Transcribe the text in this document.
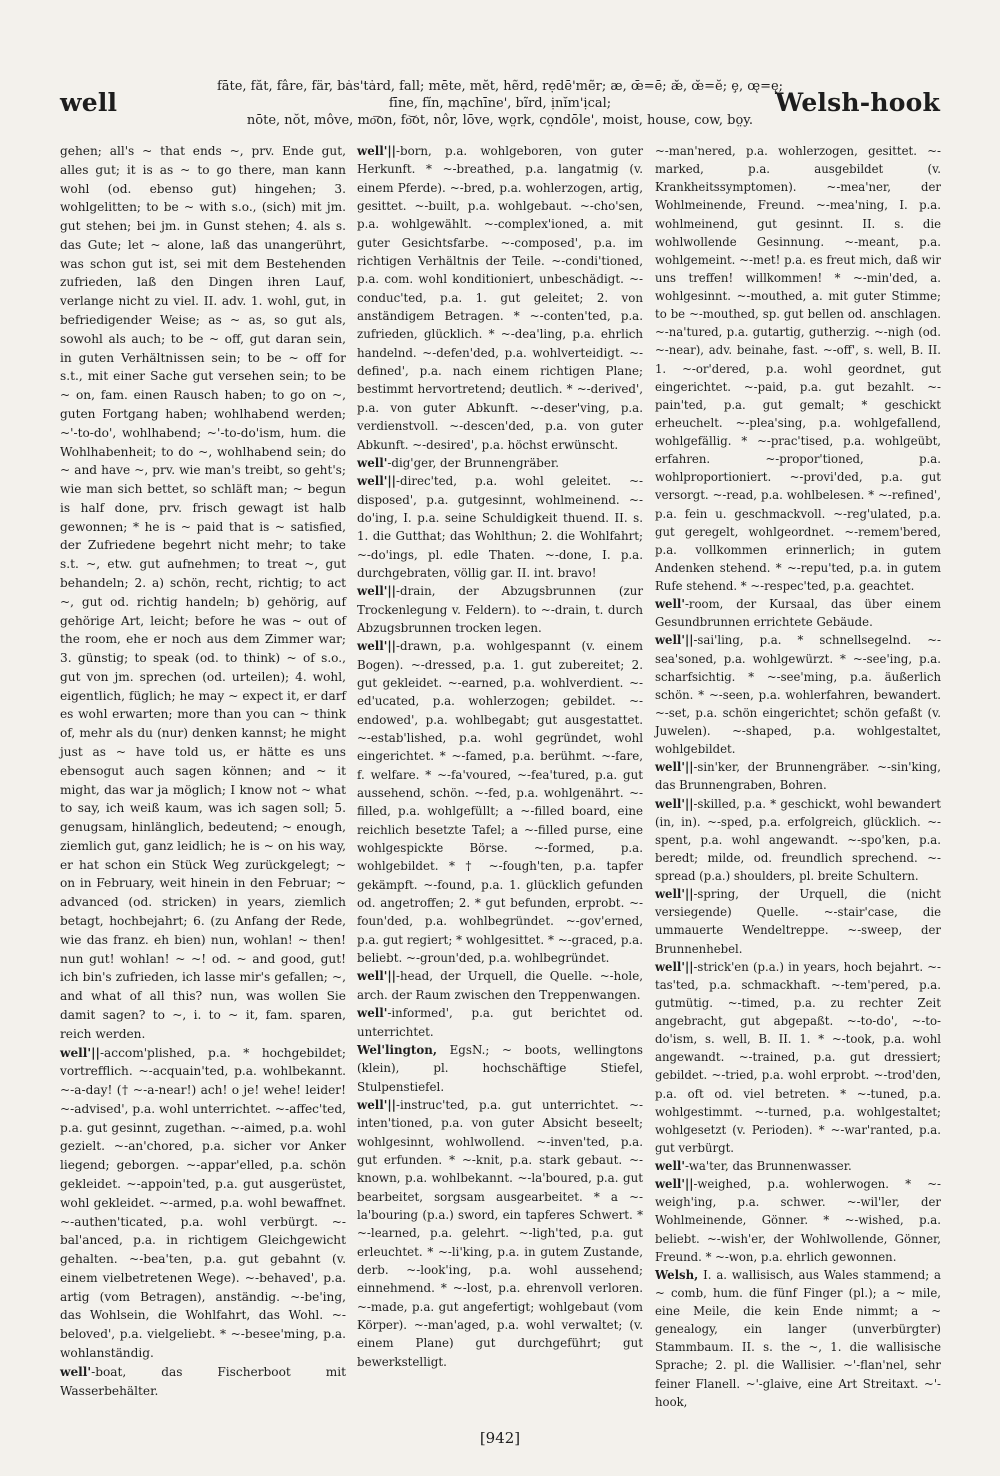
well
fāte, făt, fâre, fär, bȧs'tȧrd, fall; mēte, mĕt, hẽrd, rẹdē'mẽr; æ, œ̄=ē; æ̆, œ̆=ĕ; ȩ, œ̨=ę;
fīne, fĭn, mạchīne', bĩrd, ịnĭm'ịcal;
nōte, nŏt, môve, mo͞on, fo͝ot, nôr, lōve, wo̤rk, co̤ndōle', moist, house, cow, bo̤y.
Welsh-hook

gehen; all's ~ that ends ~, prv. Ende gut, alles gut; it is as ~ to go there, man kann wohl (od. ebenso gut) hingehen; 3. wohlgelitten; to be ~ with s.o., (sich) mit jm. gut stehen; bei jm. in Gunst stehen; 4. als s. das Gute; let ~ alone, laß das unangerührt, was schon gut ist, sei mit dem Bestehenden zufrieden, laß den Dingen ihren Lauf, verlange nicht zu viel. II. adv. 1. wohl, gut, in befriedigender Weise; as ~ as, so gut als, sowohl als auch; to be ~ off, gut daran sein, in guten Verhältnissen sein; to be ~ off for s.t., mit einer Sache gut versehen sein; to be ~ on, fam. einen Rausch haben; to go on ~, guten Fortgang haben; wohlhabend werden; ~'-to-do', wohlhabend; ~'-to-do'ism, hum. die Wohlhabenheit; to do ~, wohlhabend sein; do ~ and have ~, prv. wie man's treibt, so geht's; wie man sich bettet, so schläft man; ~ begun is half done, prv. frisch gewagt ist halb gewonnen; * he is ~ paid that is ~ satisfied, der Zufriedene begehrt nicht mehr; to take s.t. ~, etw. gut aufnehmen; to treat ~, gut behandeln; 2. a) schön, recht, richtig; to act ~, gut od. richtig handeln; b) gehörig, auf gehörige Art, leicht; before he was ~ out of the room, ehe er noch aus dem Zimmer war; 3. günstig; to speak (od. to think) ~ of s.o., gut von jm. sprechen (od. urteilen); 4. wohl, eigentlich, füglich; he may ~ expect it, er darf es wohl erwarten; more than you can ~ think of, mehr als du (nur) denken kannst; he might just as ~ have told us, er hätte es uns ebensogut auch sagen können; and ~ it might, das war ja möglich; I know not ~ what to say, ich weiß kaum, was ich sagen soll; 5. genugsam, hinlänglich, bedeutend; ~ enough, ziemlich gut, ganz leidlich; he is ~ on his way, er hat schon ein Stück Weg zurückgelegt; ~ on in February, weit hinein in den Februar; ~ advanced (od. stricken) in years, ziemlich betagt, hochbejahrt; 6. (zu Anfang der Rede, wie das franz. eh bien) nun, wohlan! ~ then! nun gut! wohlan! ~ ~! od. ~ and good, gut! ich bin's zufrieden, ich lasse mir's gefallen; ~, and what of all this? nun, was wollen Sie damit sagen? to ~, i. to ~ it, fam. sparen, reich werden.

well'||-accom'plished, p.a. * hochgebildet; vortrefflich. ~-acquain'ted, p.a. wohlbekannt. ~-a-day! († ~-a-near!) ach! o je! wehe! leider! ~-advised', p.a. wohl unterrichtet. ~-affec'ted, p.a. gut gesinnt, zugethan. ~-aimed, p.a. wohl gezielt. ~-an'chored, p.a. sicher vor Anker liegend; geborgen. ~-appar'elled, p.a. schön gekleidet. ~-appoin'ted, p.a. gut ausgerüstet, wohl gekleidet. ~-armed, p.a. wohl bewaffnet. ~-authen'ticated, p.a. wohl verbürgt. ~-bal'anced, p.a. in richtigem Gleichgewicht gehalten. ~-bea'ten, p.a. gut gebahnt (v. einem vielbetretenen Wege). ~-behaved', p.a. artig (vom Betragen), anständig. ~-be'ing, das Wohlsein, die Wohlfahrt, das Wohl. ~-beloved', p.a. vielgeliebt. * ~-besee'ming, p.a. wohlanständig.

well'-boat, das Fischerboot mit Wasserbehälter.

well'||-born, p.a. wohlgeboren, von guter Herkunft. * ~-breathed, p.a. langatmig (v. einem Pferde). ~-bred, p.a. wohlerzogen, artig, gesittet. ~-built, p.a. wohlgebaut. ~-cho'sen, p.a. wohlgewählt. ~-complex'ioned, a. mit guter Gesichtsfarbe. ~-composed', p.a. im richtigen Verhältnis der Teile. ~-condi'tioned, p.a. com. wohl konditioniert, unbeschädigt. ~-conduc'ted, p.a. 1. gut geleitet; 2. von anständigem Betragen. * ~-conten'ted, p.a. zufrieden, glücklich. * ~-dea'ling, p.a. ehrlich handelnd. ~-defen'ded, p.a. wohlverteidigt. ~-defined', p.a. nach einem richtigen Plane; bestimmt hervortretend; deutlich. * ~-derived', p.a. von guter Abkunft. ~-deser'ving, p.a. verdienstvoll. ~-descen'ded, p.a. von guter Abkunft. ~-desired', p.a. höchst erwünscht.

well'-dig'ger, der Brunnengräber.

well'||-direc'ted, p.a. wohl geleitet. ~-disposed', p.a. gutgesinnt, wohlmeinend. ~-do'ing, I. p.a. seine Schuldigkeit thuend. II. s. 1. die Gutthat; das Wohlthun; 2. die Wohlfahrt; ~-do'ings, pl. edle Thaten. ~-done, I. p.a. durchgebraten, völlig gar. II. int. bravo!

well'||-drain, der Abzugsbrunnen (zur Trockenlegung v. Feldern). to ~-drain, t. durch Abzugsbrunnen trocken legen.

well'||-drawn, p.a. wohlgespannt (v. einem Bogen). ~-dressed, p.a. 1. gut zubereitet; 2. gut gekleidet. ~-earned, p.a. wohlverdient. ~-ed'ucated, p.a. wohlerzogen; gebildet. ~-endowed', p.a. wohlbegabt; gut ausgestattet. ~-estab'lished, p.a. wohl gegründet, wohl eingerichtet. * ~-famed, p.a. berühmt. ~-fare, f. welfare. * ~-fa'voured, ~-fea'tured, p.a. gut aussehend, schön. ~-fed, p.a. wohlgenährt. ~-filled, p.a. wohlgefüllt; a ~-filled board, eine reichlich besetzte Tafel; a ~-filled purse, eine wohlgespickte Börse. ~-formed, p.a. wohlgebildet. * † ~-fough'ten, p.a. tapfer gekämpft. ~-found, p.a. 1. glücklich gefunden od. angetroffen; 2. * gut befunden, erprobt. ~-foun'ded, p.a. wohlbegründet. ~-gov'erned, p.a. gut regiert; * wohlgesittet. * ~-graced, p.a. beliebt. ~-groun'ded, p.a. wohlbegründet.

well'||-head, der Urquell, die Quelle. ~-hole, arch. der Raum zwischen den Treppenwangen.

well'-informed', p.a. gut berichtet od. unterrichtet.

Wel'lington, EgsN.; ~ boots, wellingtons (klein), pl. hochschäftige Stiefel, Stulpenstiefel.

well'||-instruc'ted, p.a. gut unterrichtet. ~-inten'tioned, p.a. von guter Absicht beseelt; wohlgesinnt, wohlwollend. ~-inven'ted, p.a. gut erfunden. * ~-knit, p.a. stark gebaut. ~-known, p.a. wohlbekannt. ~-la'boured, p.a. gut bearbeitet, sorgsam ausgearbeitet. * a ~-la'bouring (p.a.) sword, ein tapferes Schwert. * ~-learned, p.a. gelehrt. ~-ligh'ted, p.a. gut erleuchtet. * ~-li'king, p.a. in gutem Zustande, derb. ~-look'ing, p.a. wohl aussehend; einnehmend. * ~-lost, p.a. ehrenvoll verloren. ~-made, p.a. gut angefertigt; wohlgebaut (vom Körper). ~-man'aged, p.a. wohl verwaltet; (v. einem Plane) gut durchgeführt; gut bewerkstelligt.

~-man'nered, p.a. wohlerzogen, gesittet. ~-marked, p.a. ausgebildet (v. Krankheitssymptomen). ~-mea'ner, der Wohlmeinende, Freund. ~-mea'ning, I. p.a. wohlmeinend, gut gesinnt. II. s. die wohlwollende Gesinnung. ~-meant, p.a. wohlgemeint. ~-met! p.a. es freut mich, daß wir uns treffen! willkommen! * ~-min'ded, a. wohlgesinnt. ~-mouthed, a. mit guter Stimme; to be ~-mouthed, sp. gut bellen od. anschlagen. ~-na'tured, p.a. gutartig, gutherzig. ~-nigh (od. ~-near), adv. beinahe, fast. ~-off', s. well, B. II. 1. ~-or'dered, p.a. wohl geordnet, gut eingerichtet. ~-paid, p.a. gut bezahlt. ~-pain'ted, p.a. gut gemalt; * geschickt erheuchelt. ~-plea'sing, p.a. wohlgefallend, wohlgefällig. * ~-prac'tised, p.a. wohlgeübt, erfahren. ~-propor'tioned, p.a. wohlproportioniert. ~-provi'ded, p.a. gut versorgt. ~-read, p.a. wohlbelesen. * ~-refined', p.a. fein u. geschmackvoll. ~-reg'ulated, p.a. gut geregelt, wohlgeordnet. ~-remem'bered, p.a. vollkommen erinnerlich; in gutem Andenken stehend. * ~-repu'ted, p.a. in gutem Rufe stehend. * ~-respec'ted, p.a. geachtet.

well'-room, der Kursaal, das über einem Gesundbrunnen errichtete Gebäude.

well'||-sai'ling, p.a. * schnellsegelnd. ~-sea'soned, p.a. wohlgewürzt. * ~-see'ing, p.a. scharfsichtig. * ~-see'ming, p.a. äußerlich schön. * ~-seen, p.a. wohlerfahren, bewandert. ~-set, p.a. schön eingerichtet; schön gefaßt (v. Juwelen). ~-shaped, p.a. wohlgestaltet, wohlgebildet.

well'||-sin'ker, der Brunnengräber. ~-sin'king, das Brunnengraben, Bohren.

well'||-skilled, p.a. * geschickt, wohl bewandert (in, in). ~-sped, p.a. erfolgreich, glücklich. ~-spent, p.a. wohl angewandt. ~-spo'ken, p.a. beredt; milde, od. freundlich sprechend. ~-spread (p.a.) shoulders, pl. breite Schultern.

well'||-spring, der Urquell, die (nicht versiegende) Quelle. ~-stair'case, die ummauerte Wendeltreppe. ~-sweep, der Brunnenhebel.

well'||-strick'en (p.a.) in years, hoch bejahrt. ~-tas'ted, p.a. schmackhaft. ~-tem'pered, p.a. gutmütig. ~-timed, p.a. zu rechter Zeit angebracht, gut abgepaßt. ~-to-do', ~-to-do'ism, s. well, B. II. 1. * ~-took, p.a. wohl angewandt. ~-trained, p.a. gut dressiert; gebildet. ~-tried, p.a. wohl erprobt. ~-trod'den, p.a. oft od. viel betreten. * ~-tuned, p.a. wohlgestimmt. ~-turned, p.a. wohlgestaltet; wohlgesetzt (v. Perioden). * ~-war'ranted, p.a. gut verbürgt.

well'-wa'ter, das Brunnenwasser.

well'||-weighed, p.a. wohlerwogen. * ~-weigh'ing, p.a. schwer. ~-wil'ler, der Wohlmeinende, Gönner. * ~-wished, p.a. beliebt. ~-wish'er, der Wohlwollende, Gönner, Freund. * ~-won, p.a. ehrlich gewonnen.

Welsh, I. a. wallisisch, aus Wales stammend; a ~ comb, hum. die fünf Finger (pl.); a ~ mile, eine Meile, die kein Ende nimmt; a ~ genealogy, ein langer (unverbürgter) Stammbaum. II. s. the ~, 1. die wallisische Sprache; 2. pl. die Wallisier. ~'-flan'nel, sehr feiner Flanell. ~'-glaive, eine Art Streitaxt. ~'-hook,

[942]
